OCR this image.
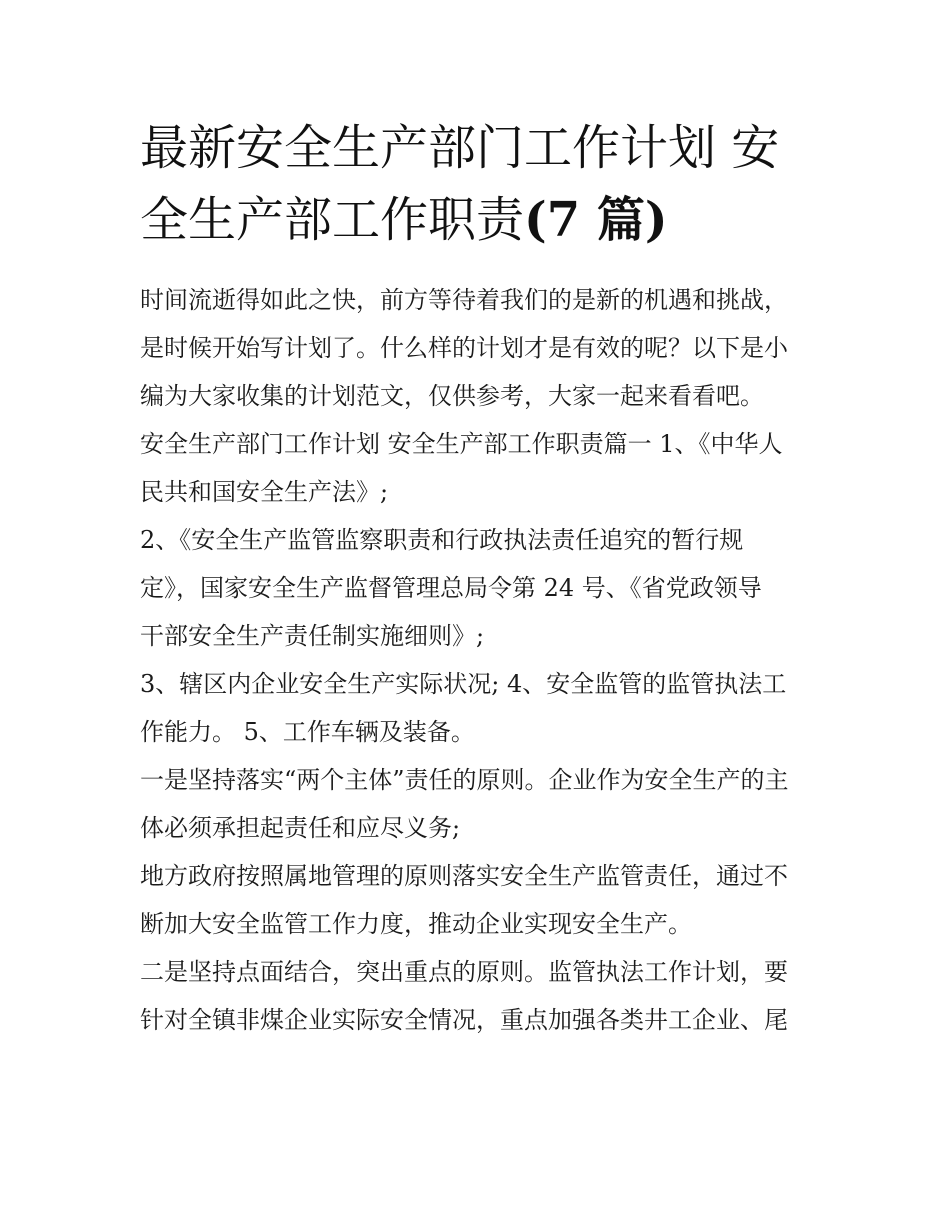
最新安全生产部门工作计划 安全生产部工作职责(7 篇)
时间流逝得如此之快，前方等待着我们的是新的机遇和挑战，
是时候开始写计划了。什么样的计划才是有效的呢？以下是小
编为大家收集的计划范文，仅供参考，大家一起来看看吧。
安全生产部门工作计划 安全生产部工作职责篇一 1、《中华人
民共和国安全生产法》;
2、《安全生产监管监察职责和行政执法责任追究的暂行规
定》，国家安全生产监督管理总局令第 24 号、《省党政领导
干部安全生产责任制实施细则》;
3、辖区内企业安全生产实际状况; 4、安全监管的监管执法工
作能力。 5、工作车辆及装备。
一是坚持落实“两个主体”责任的原则。企业作为安全生产的主
体必须承担起责任和应尽义务;
地方政府按照属地管理的原则落实安全生产监管责任，通过不
断加大安全监管工作力度，推动企业实现安全生产。
二是坚持点面结合，突出重点的原则。监管执法工作计划，要
针对全镇非煤企业实际安全情况，重点加强各类井工企业、尾
